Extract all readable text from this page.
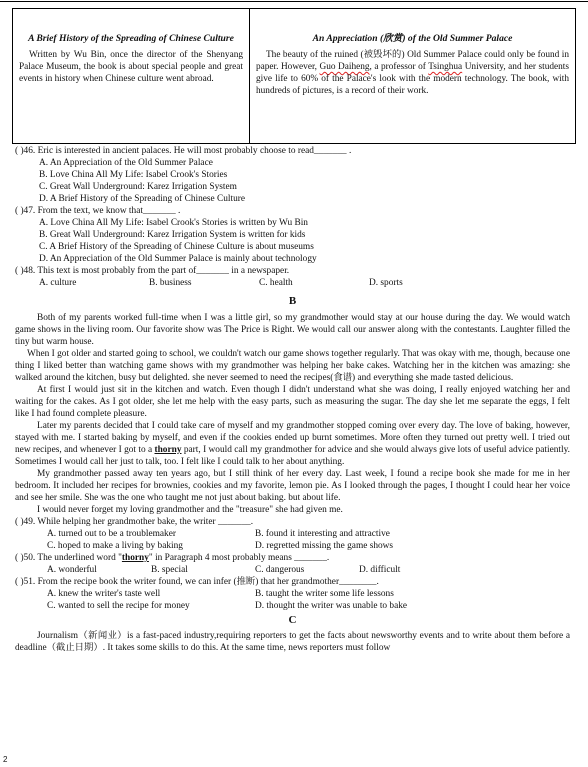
A Brief History of the Spreading of Chinese Culture
Written by Wu Bin, once the director of the Shenyang Palace Museum, the book is about special people and great events in history when Chinese culture went abroad.
An Appreciation (欣赏) of the Old Summer Palace
The beauty of the ruined (被毁坏的) Old Summer Palace could only be found in paper. However, Guo Daiheng, a professor of Tsinghua University, and her students give life to 60% of the Palace's look with the modern technology. The book, with hundreds of pictures, is a record of their work.
( )46. Eric is interested in ancient palaces. He will most probably choose to read_______ .
A. An Appreciation of the Old Summer Palace
B. Love China All My Life: Isabel Crook's Stories
C. Great Wall Underground: Karez Irrigation System
D. A Brief History of the Spreading of Chinese Culture
( )47. From the text, we know that_______ .
A. Love China All My Life: Isabel Crook's Stories is written by Wu Bin
B. Great Wall Underground: Karez Irrigation System is written for kids
C. A Brief History of the Spreading of Chinese Culture is about museums
D. An Appreciation of the Old Summer Palace is mainly about technology
( )48. This text is most probably from the part of_______ in a newspaper.
A. culture	B. business	C. health	D. sports
B

Both of my parents worked full-time when I was a little girl, so my grandmother would stay at our house during the day. We would watch game shows in the living room. Our favorite show was The Price is Right. We would call our answer along with the contestants. Laughter filled the tiny but warm house.

When I got older and started going to school, we couldn't watch our game shows together regularly. That was okay with me, though, because one thing I liked better than watching game shows with my grandmother was helping her bake cakes. Watching her in the kitchen was amazing: she walked around the kitchen, busy but delighted. she never seemed to need the recipes(食谱) and everything she made tasted delicious.

At first I would just sit in the kitchen and watch. Even though I didn't understand what she was doing, I really enjoyed watching her and waiting for the cakes. As I got older, she let me help with the easy parts, such as measuring the sugar. The day she let me separate the eggs, I felt like I had found complete pleasure.

Later my parents decided that I could take care of myself and my grandmother stopped coming over every day. The love of baking, however, stayed with me. I started baking by myself, and even if the cookies ended up burnt sometimes. More often they turned out pretty well. I tried out new recipes, and whenever I got to a thorny part, I would call my grandmother for advice and she would always give lots of useful advice patiently. Sometimes I would call her just to talk, too. I felt like I could talk to her about anything.

My grandmother passed away ten years ago, but I still think of her every day. Last week, I found a recipe book she made for me in her bedroom. It included her recipes for brownies, cookies and my favorite, lemon pie. As I looked through the pages, I thought I could hear her voice and see her smile. She was the one who taught me not just about baking. but about life.

I would never forget my loving grandmother and the "treasure" she had given me.

( )49. While helping her grandmother bake, the writer _______.
A. turned out to be a troublemaker	B. found it interesting and attractive
C. hoped to make a living by baking	D. regretted missing the game shows
( )50. The underlined word "thorny" in Paragraph 4 most probably means _______.
A. wonderful	B. special	C. dangerous	D. difficult
( )51. From the recipe book the writer found, we can infer (推断) that her grandmother________.
A. knew the writer's taste well	B. taught the writer some life lessons
C. wanted to sell the recipe for money	D. thought the writer was unable to bake
C

Journalism（新闻业）is a fast-paced industry,requiring reporters to get the facts about newsworthy events and to write about them before a deadline（截止日期）. It takes some skills to do this. At the same time, news reporters must follow

2
